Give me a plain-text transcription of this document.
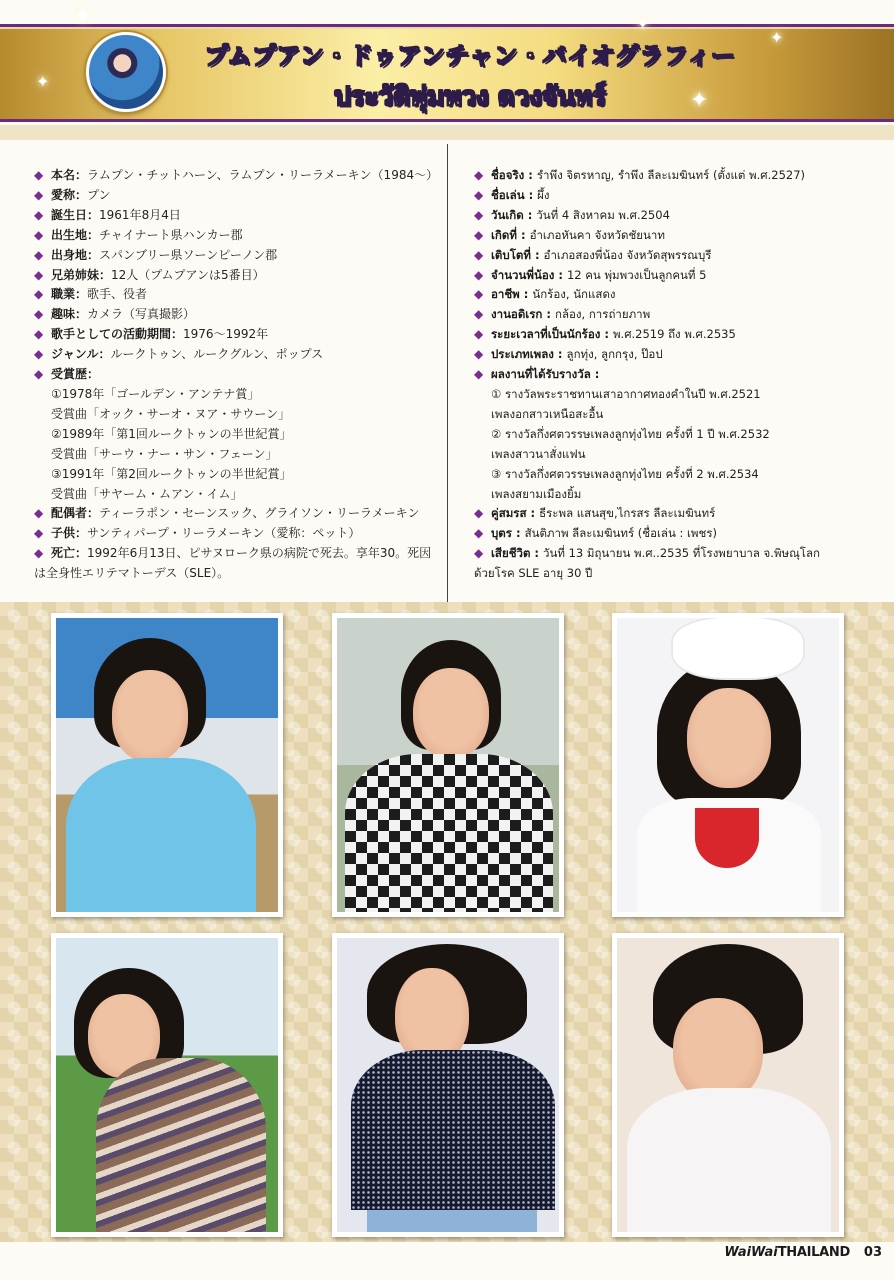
✦
✦
✦
✦
✦
プムプアン・ドゥアンチャン・バイオグラフィー
ประวัติพุ่มพวง ดวงจันทร์
◆ 本名：ラムプン・チットハーン、ラムプン・リーラメーキン（1984〜）
◆ 愛称：プン
◆ 誕生日：1961年8月4日
◆ 出生地：チャイナート県ハンカー郡
◆ 出身地：スパンブリー県ソーンピーノン郡
◆ 兄弟姉妹：12人（プムプアンは5番目）
◆ 職業：歌手、役者
◆ 趣味：カメラ（写真撮影）
◆ 歌手としての活動期間：1976〜1992年
◆ ジャンル：ルークトゥン、ルークグルン、ポップス
◆ 受賞歴：
①1978年「ゴールデン・アンテナ賞」
受賞曲「オック・サーオ・ヌア・サウーン」
②1989年「第1回ルークトゥンの半世紀賞」
受賞曲「サーウ・ナー・サン・フェーン」
③1991年「第2回ルークトゥンの半世紀賞」
受賞曲「サヤーム・ムアン・イム」
◆ 配偶者：ティーラポン・セーンスック、グライソン・リーラメーキン
◆ 子供：サンティパープ・リーラメーキン（愛称：ペット）
◆ 死亡：1992年6月13日、ピサヌローク県の病院で死去。享年30。死因
は全身性エリテマトーデス（SLE）。
◆ ชื่อจริง : รำพึง จิตรหาญ, รำพึง ลีละเมฆินทร์ (ตั้งแต่ พ.ศ.2527)
◆ ชื่อเล่น : ผึ้ง
◆ วันเกิด : วันที่ 4 สิงหาคม พ.ศ.2504
◆ เกิดที่ : อำเภอหันคา จังหวัดชัยนาท
◆ เติบโตที่ : อำเภอสองพี่น้อง จังหวัดสุพรรณบุรี
◆ จำนวนพี่น้อง : 12 คน พุ่มพวงเป็นลูกคนที่ 5
◆ อาชีพ : นักร้อง, นักแสดง
◆ งานอดิเรก : กล้อง, การถ่ายภาพ
◆ ระยะเวลาที่เป็นนักร้อง : พ.ศ.2519 ถึง พ.ศ.2535
◆ ประเภทเพลง : ลูกทุ่ง, ลูกกรุง, ป๊อป
◆ ผลงานที่ได้รับรางวัล :
① รางวัลพระราชทานเสาอากาศทองคำในปี พ.ศ.2521
เพลงอกสาวเหนือสะอื้น
② รางวัลกึ่งศตวรรษเพลงลูกทุ่งไทย ครั้งที่ 1 ปี พ.ศ.2532
เพลงสาวนาสั่งแฟน
③ รางวัลกึ่งศตวรรษเพลงลูกทุ่งไทย ครั้งที่ 2 พ.ศ.2534
เพลงสยามเมืองยิ้ม
◆ คู่สมรส : ธีระพล แสนสุข,ไกรสร ลีละเมฆินทร์
◆ บุตร : สันติภาพ ลีละเมฆินทร์ (ชื่อเล่น : เพชร)
◆ เสียชีวิต : วันที่ 13 มิถุนายน พ.ศ..2535 ที่โรงพยาบาล จ.พิษณุโลก
ด้วยโรค SLE อายุ 30 ปี
WaiWaiTHAILAND 03
